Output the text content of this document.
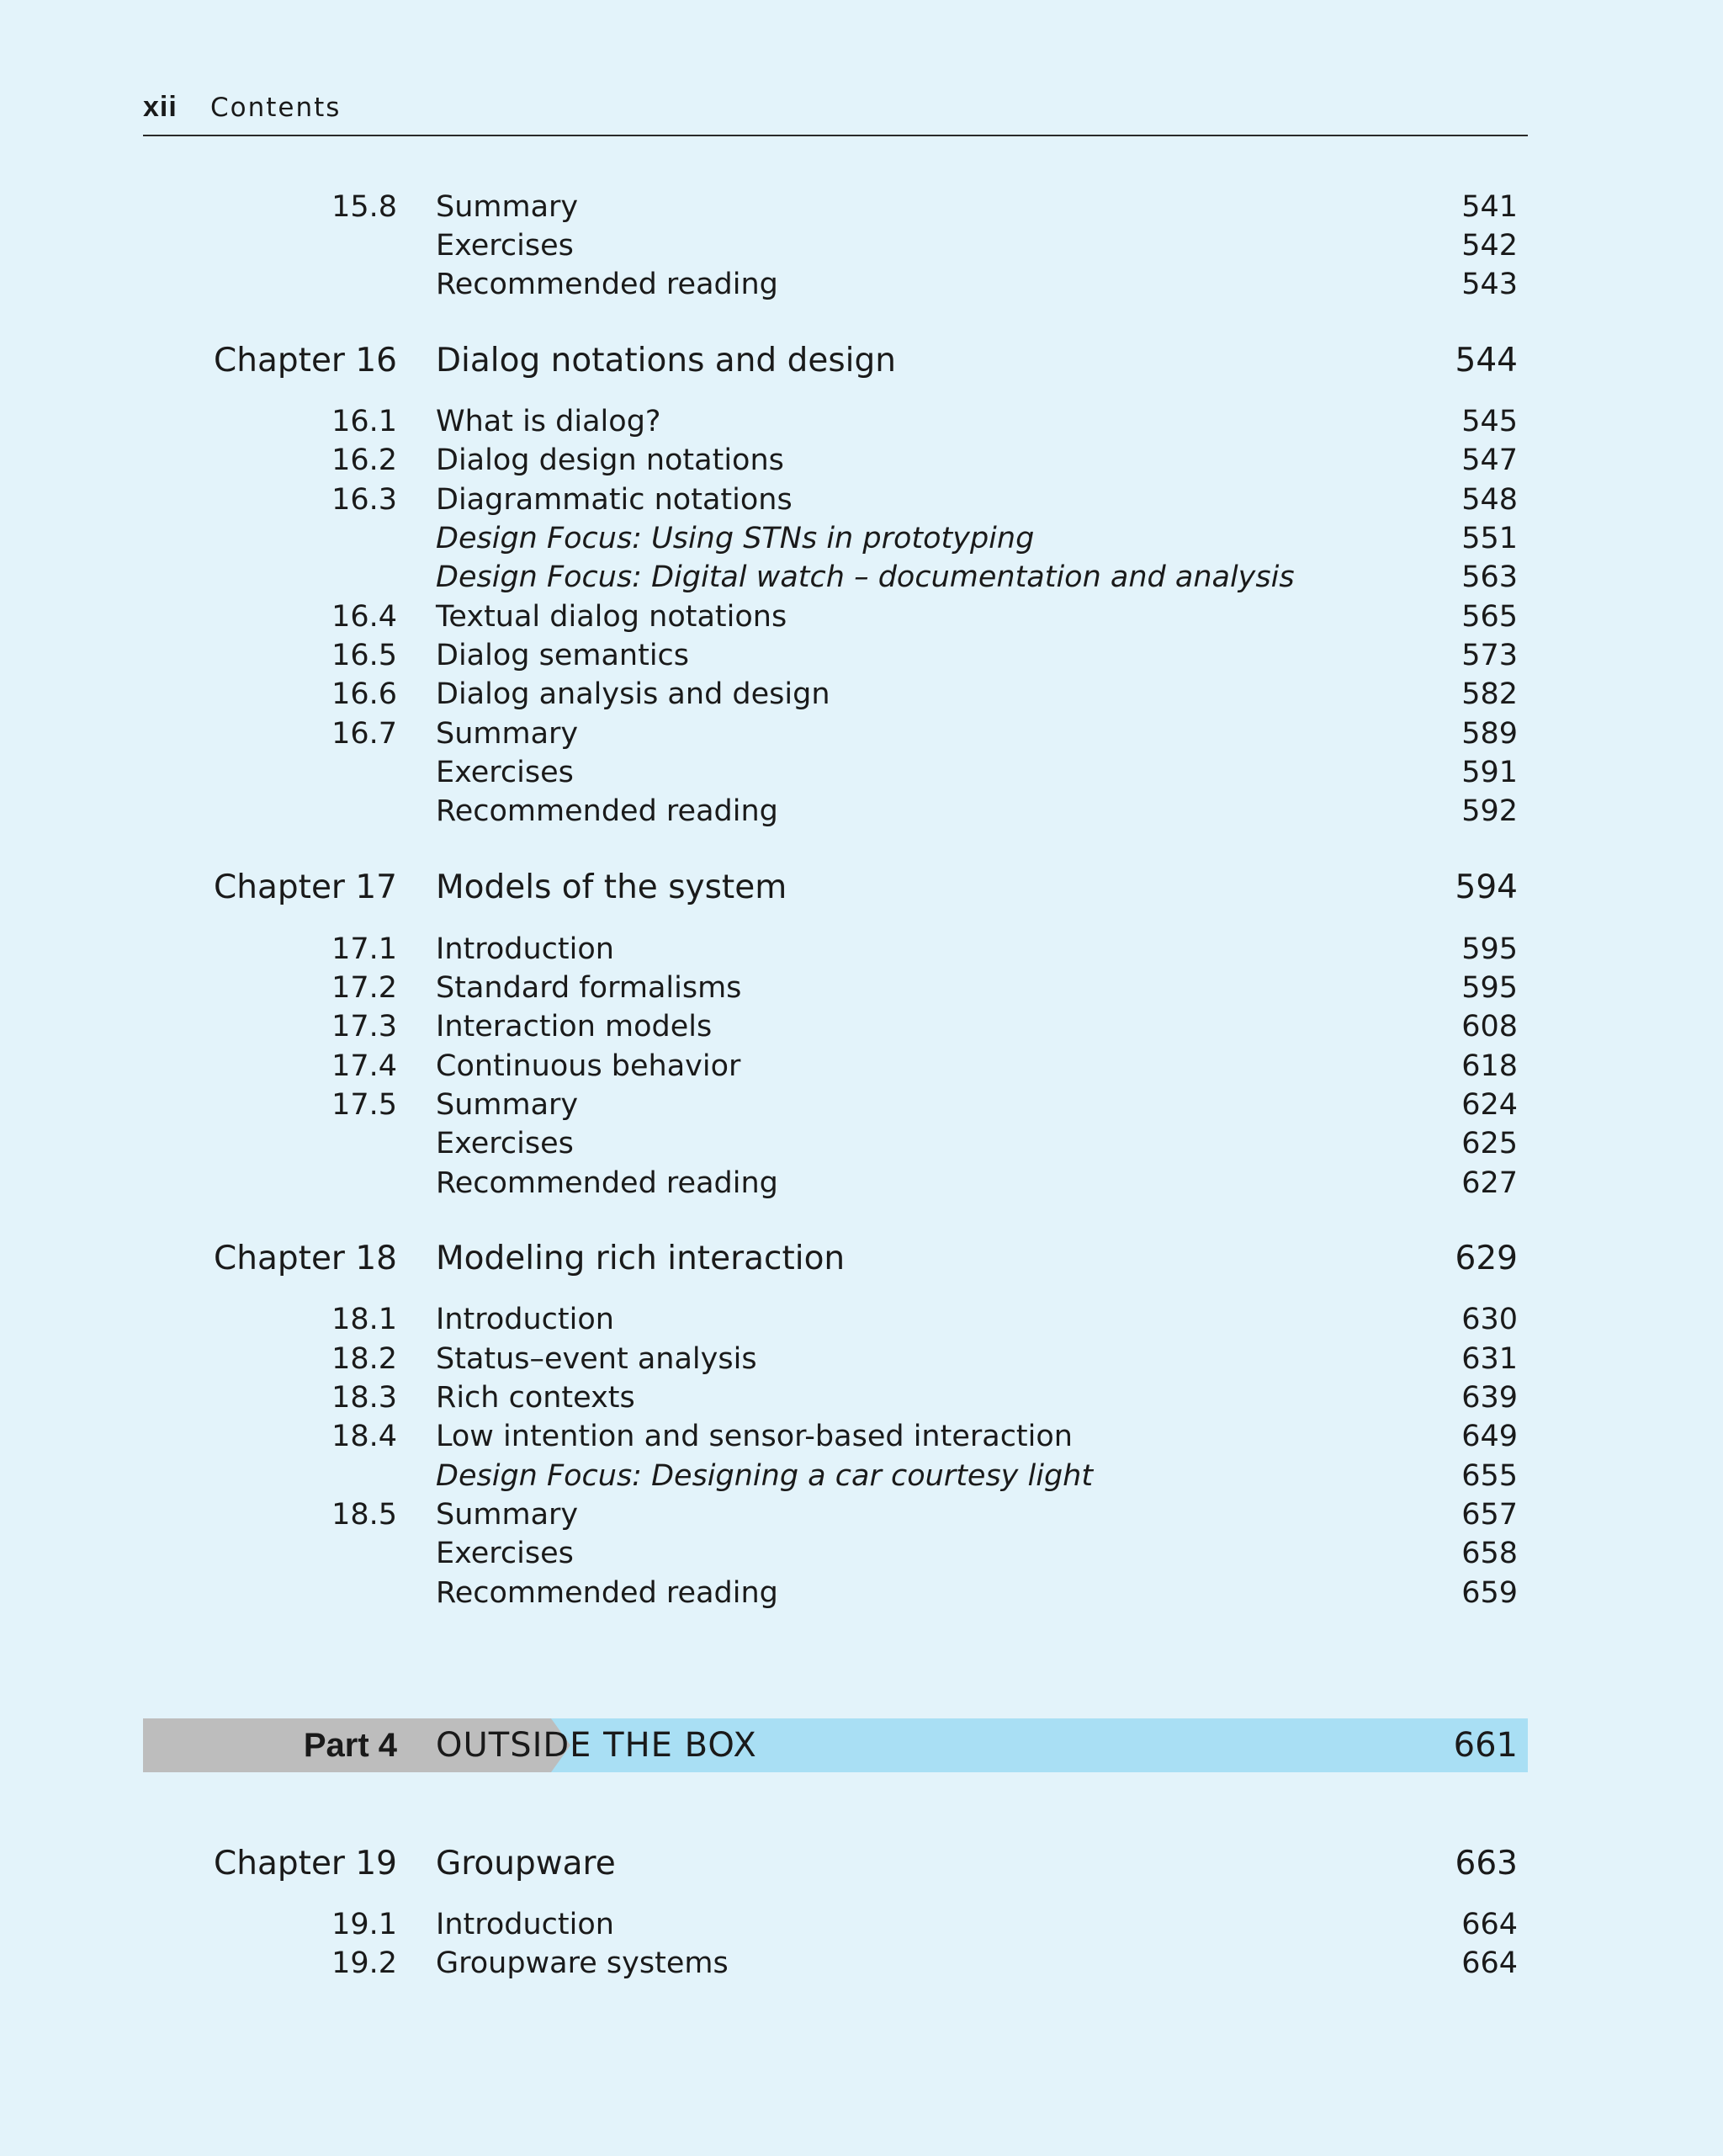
xii Contents
15.8 Summary	541
Exercises	542
Recommended reading	543
Chapter 16 Dialog notations and design	544
16.1 What is dialog?	545
16.2 Dialog design notations	547
16.3 Diagrammatic notations	548
Design Focus: Using STNs in prototyping	551
Design Focus: Digital watch – documentation and analysis	563
16.4 Textual dialog notations	565
16.5 Dialog semantics	573
16.6 Dialog analysis and design	582
16.7 Summary	589
Exercises	591
Recommended reading	592
Chapter 17 Models of the system	594
17.1 Introduction	595
17.2 Standard formalisms	595
17.3 Interaction models	608
17.4 Continuous behavior	618
17.5 Summary	624
Exercises	625
Recommended reading	627
Chapter 18 Modeling rich interaction	629
18.1 Introduction	630
18.2 Status–event analysis	631
18.3 Rich contexts	639
18.4 Low intention and sensor-based interaction	649
Design Focus: Designing a car courtesy light	655
18.5 Summary	657
Exercises	658
Recommended reading	659
Part 4 OUTSIDE THE BOX	661
Chapter 19 Groupware	663
19.1 Introduction	664
19.2 Groupware systems	664
